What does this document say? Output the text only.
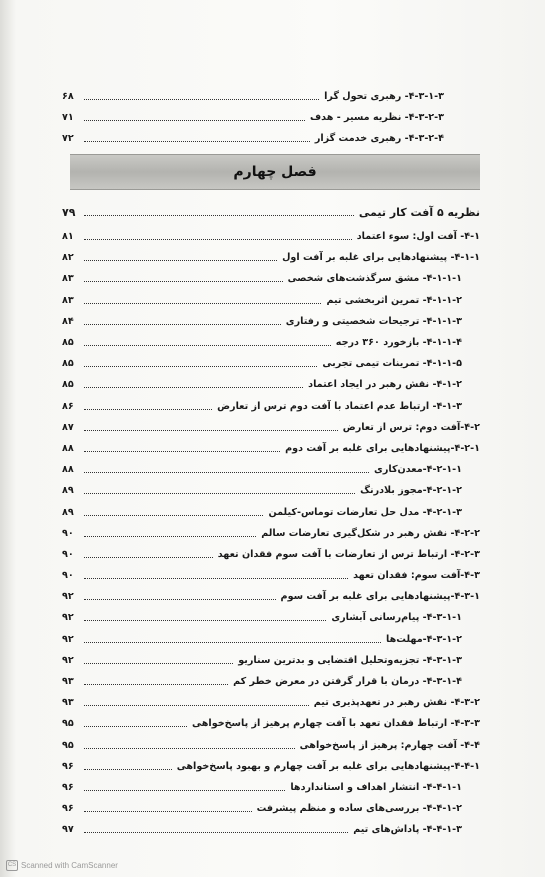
۴-۳-۱-۳- رهبری تحول گرا
۶۸
۴-۳-۲-۳- نظریه مسیر - هدف
۷۱
۴-۳-۲-۴- رهبری خدمت گزار
۷۲
فصل چهارم
نظریه ۵ آفت کار تیمی
۷۹
۴-۱- آفت اول: سوء اعتماد
۸۱
۴-۱-۱- پیشنهادهایی برای غلبه بر آفت اول
۸۲
۴-۱-۱-۱- مشق سرگذشت‌های شخصی
۸۳
۴-۱-۱-۲- تمرین اثربخشی تیم
۸۳
۴-۱-۱-۳- ترجیحات شخصیتی و رفتاری
۸۴
۴-۱-۱-۴- بازخورد ۳۶۰ درجه
۸۵
۴-۱-۱-۵- تمرینات تیمی تجربی
۸۵
۴-۱-۲- نقش رهبر در ایجاد اعتماد
۸۵
۴-۱-۳- ارتباط عدم اعتماد با آفت دوم ترس از تعارض
۸۶
۴-۲-آفت دوم: ترس از تعارض
۸۷
۴-۲-۱-پیشنهادهایی برای غلبه بر آفت دوم
۸۸
۴-۲-۱-۱-معدن‌کاری
۸۸
۴-۲-۱-۲-مجوز بلادرنگ
۸۹
۴-۲-۱-۳- مدل حل تعارضات توماس-کیلمن
۸۹
۴-۲-۲- نقش رهبر در شکل‌گیری تعارضات سالم
۹۰
۴-۲-۳- ارتباط ترس از تعارضات با آفت سوم فقدان تعهد
۹۰
۴-۳-آفت سوم: فقدان تعهد
۹۰
۴-۳-۱-پیشنهادهایی برای غلبه بر آفت سوم
۹۲
۴-۳-۱-۱- پیام‌رسانی آبشاری
۹۲
۴-۳-۱-۲-مهلت‌ها
۹۲
۴-۳-۱-۳- تجزیه‌وتحلیل اقتضایی و بدترین سناریو
۹۲
۴-۳-۱-۴- درمان با قرار گرفتن در معرض خطر کم
۹۳
۴-۳-۲- نقش رهبر در تعهدپذیری تیم
۹۳
۴-۳-۳- ارتباط فقدان تعهد با آفت چهارم پرهیز از پاسخ‌خواهی
۹۵
۴-۴- آفت چهارم: پرهیز از پاسخ‌خواهی
۹۵
۴-۴-۱-پیشنهادهایی برای غلبه بر آفت چهارم و بهبود پاسخ‌خواهی
۹۶
۴-۴-۱-۱- انتشار اهداف و استانداردها
۹۶
۴-۴-۱-۲- بررسی‌های ساده و منظم پیشرفت
۹۶
۴-۴-۱-۳- پاداش‌های تیم
۹۷
CS Scanned with CamScanner
